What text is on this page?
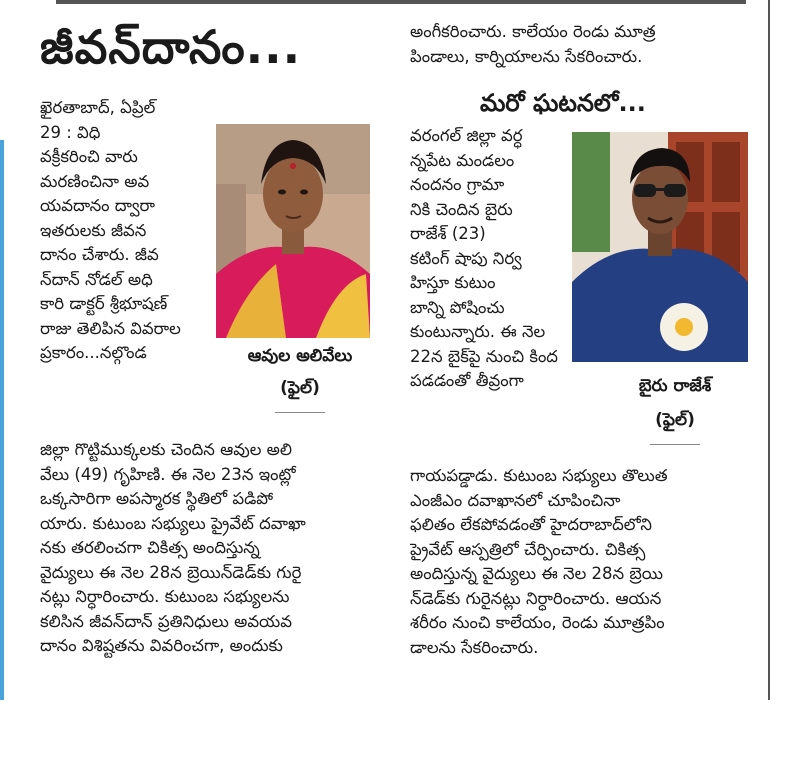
జీవన్‌దానం...
ఖైరతాబాద్, ఏప్రిల్
29 : విధి
వక్రీకరించి వారు
మరణించినా అవ
యవదానం ద్వారా
ఇతరులకు జీవన
దానం చేశారు. జీవ
న్‌దాన్ నోడల్ అధి
కారి డాక్టర్ శ్రీభూషణ్
రాజు తెలిపిన వివరాల
ప్రకారం...నల్గొండ	ఆవుల అలివేలు
(ఫైల్)
జిల్లా గొట్టిముక్కలకు చెందిన ఆవుల అలి
వేలు (49) గృహిణి. ఈ నెల 23న ఇంట్లో
ఒక్కసారిగా అపస్మారక స్థితిలో పడిపో
యారు. కుటుంబ సభ్యులు ప్రైవేట్ దవాఖా
నకు తరలించగా చికిత్స అందిస్తున్న
వైద్యులు ఈ నెల 28న బ్రెయిన్‌డెడ్‌కు గురై
నట్లు నిర్ధారించారు. కుటుంబ సభ్యులను
కలిసిన జీవన్‌దాన్ ప్రతినిధులు అవయవ
దానం విశిష్టతను వివరించగా, అందుకు
అంగీకరించారు. కాలేయం రెండు మూత్ర
పిండాలు, కార్నియాలను సేకరించారు.
మరో ఘటనలో...
వరంగల్ జిల్లా వర్ధ
న్నపేట మండలం
నందనం గ్రామా
నికి చెందిన బైరు
రాజేశ్ (23)
కటింగ్ షాపు నిర్వ
హిస్తూ కుటుం
బాన్ని పోషించు
కుంటున్నారు. ఈ నెల
22న బైక్‌పై నుంచి కింద
పడడంతో తీవ్రంగా	బైరు రాజేశ్
(ఫైల్)
గాయపడ్డాడు. కుటుంబ సభ్యులు తొలుత
ఎంజీఎం దవాఖానలో చూపించినా
ఫలితం లేకపోవడంతో హైదరాబాద్‌లోని
ప్రైవేట్ ఆస్పత్రిలో చేర్పించారు. చికిత్స
అందిస్తున్న వైద్యులు ఈ నెల 28న బ్రెయి
న్‌డెడ్‌కు గురైనట్లు నిర్ధారించారు. ఆయన
శరీరం నుంచి కాలేయం, రెండు మూత్రపిం
డాలను సేకరించారు.
